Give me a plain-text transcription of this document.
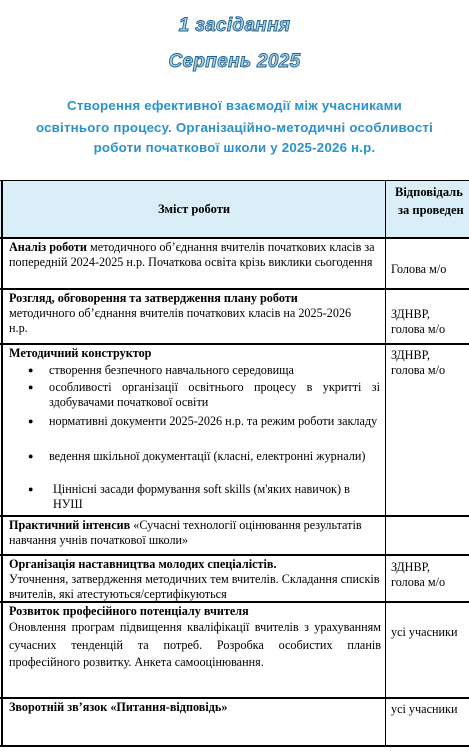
1 засідання
Серпень 2025
Створення ефективної взаємодії між учасниками
освітнього процесу. Організаційно-методичні особливості
роботи початкової школи у 2025-2026 н.р.
Зміст роботи
Відповідаль
за проведен
Аналіз роботи методичного об’єднання вчителів початкових класів за попередній 2024-2025 н.р. Початкова освіта крізь виклики сьогодення	Голова м/о
Розгляд, обговорення та затвердження плану роботи
методичного об’єднання вчителів початкових класів на 2025-2026 н.р.
ЗДНВР,
голова м/о
Методичний конструктор
● створення безпечного навчального середовища
● особливості організації освітнього процесу в укритті зі здобувачами початкової освіти
● нормативні документи 2025-2026 н.р. та режим роботи закладу
● ведення шкільної документації (класні, електронні журнали)
● Ціннісні засади формування soft skills (м'яких навичок) в НУШ
ЗДНВР,
голова м/о
Практичний інтенсив «Сучасні технології оцінювання результатів навчання учнів початкової школи»
Організація наставництва молодих спеціалістів.
Уточнення, затвердження методичних тем вчителів. Складання списків вчителів, які атестуються/сертифікуються
ЗДНВР,
голова м/о
Розвиток професійного потенціалу вчителя
Оновлення програм підвищення кваліфікації вчителів з урахуванням сучасних тенденцій та потреб. Розробка особистих планів професійного розвитку. Анкета самооцінювання.
усі учасники
Зворотній зв’язок «Питання-відповідь»	усі учасники
